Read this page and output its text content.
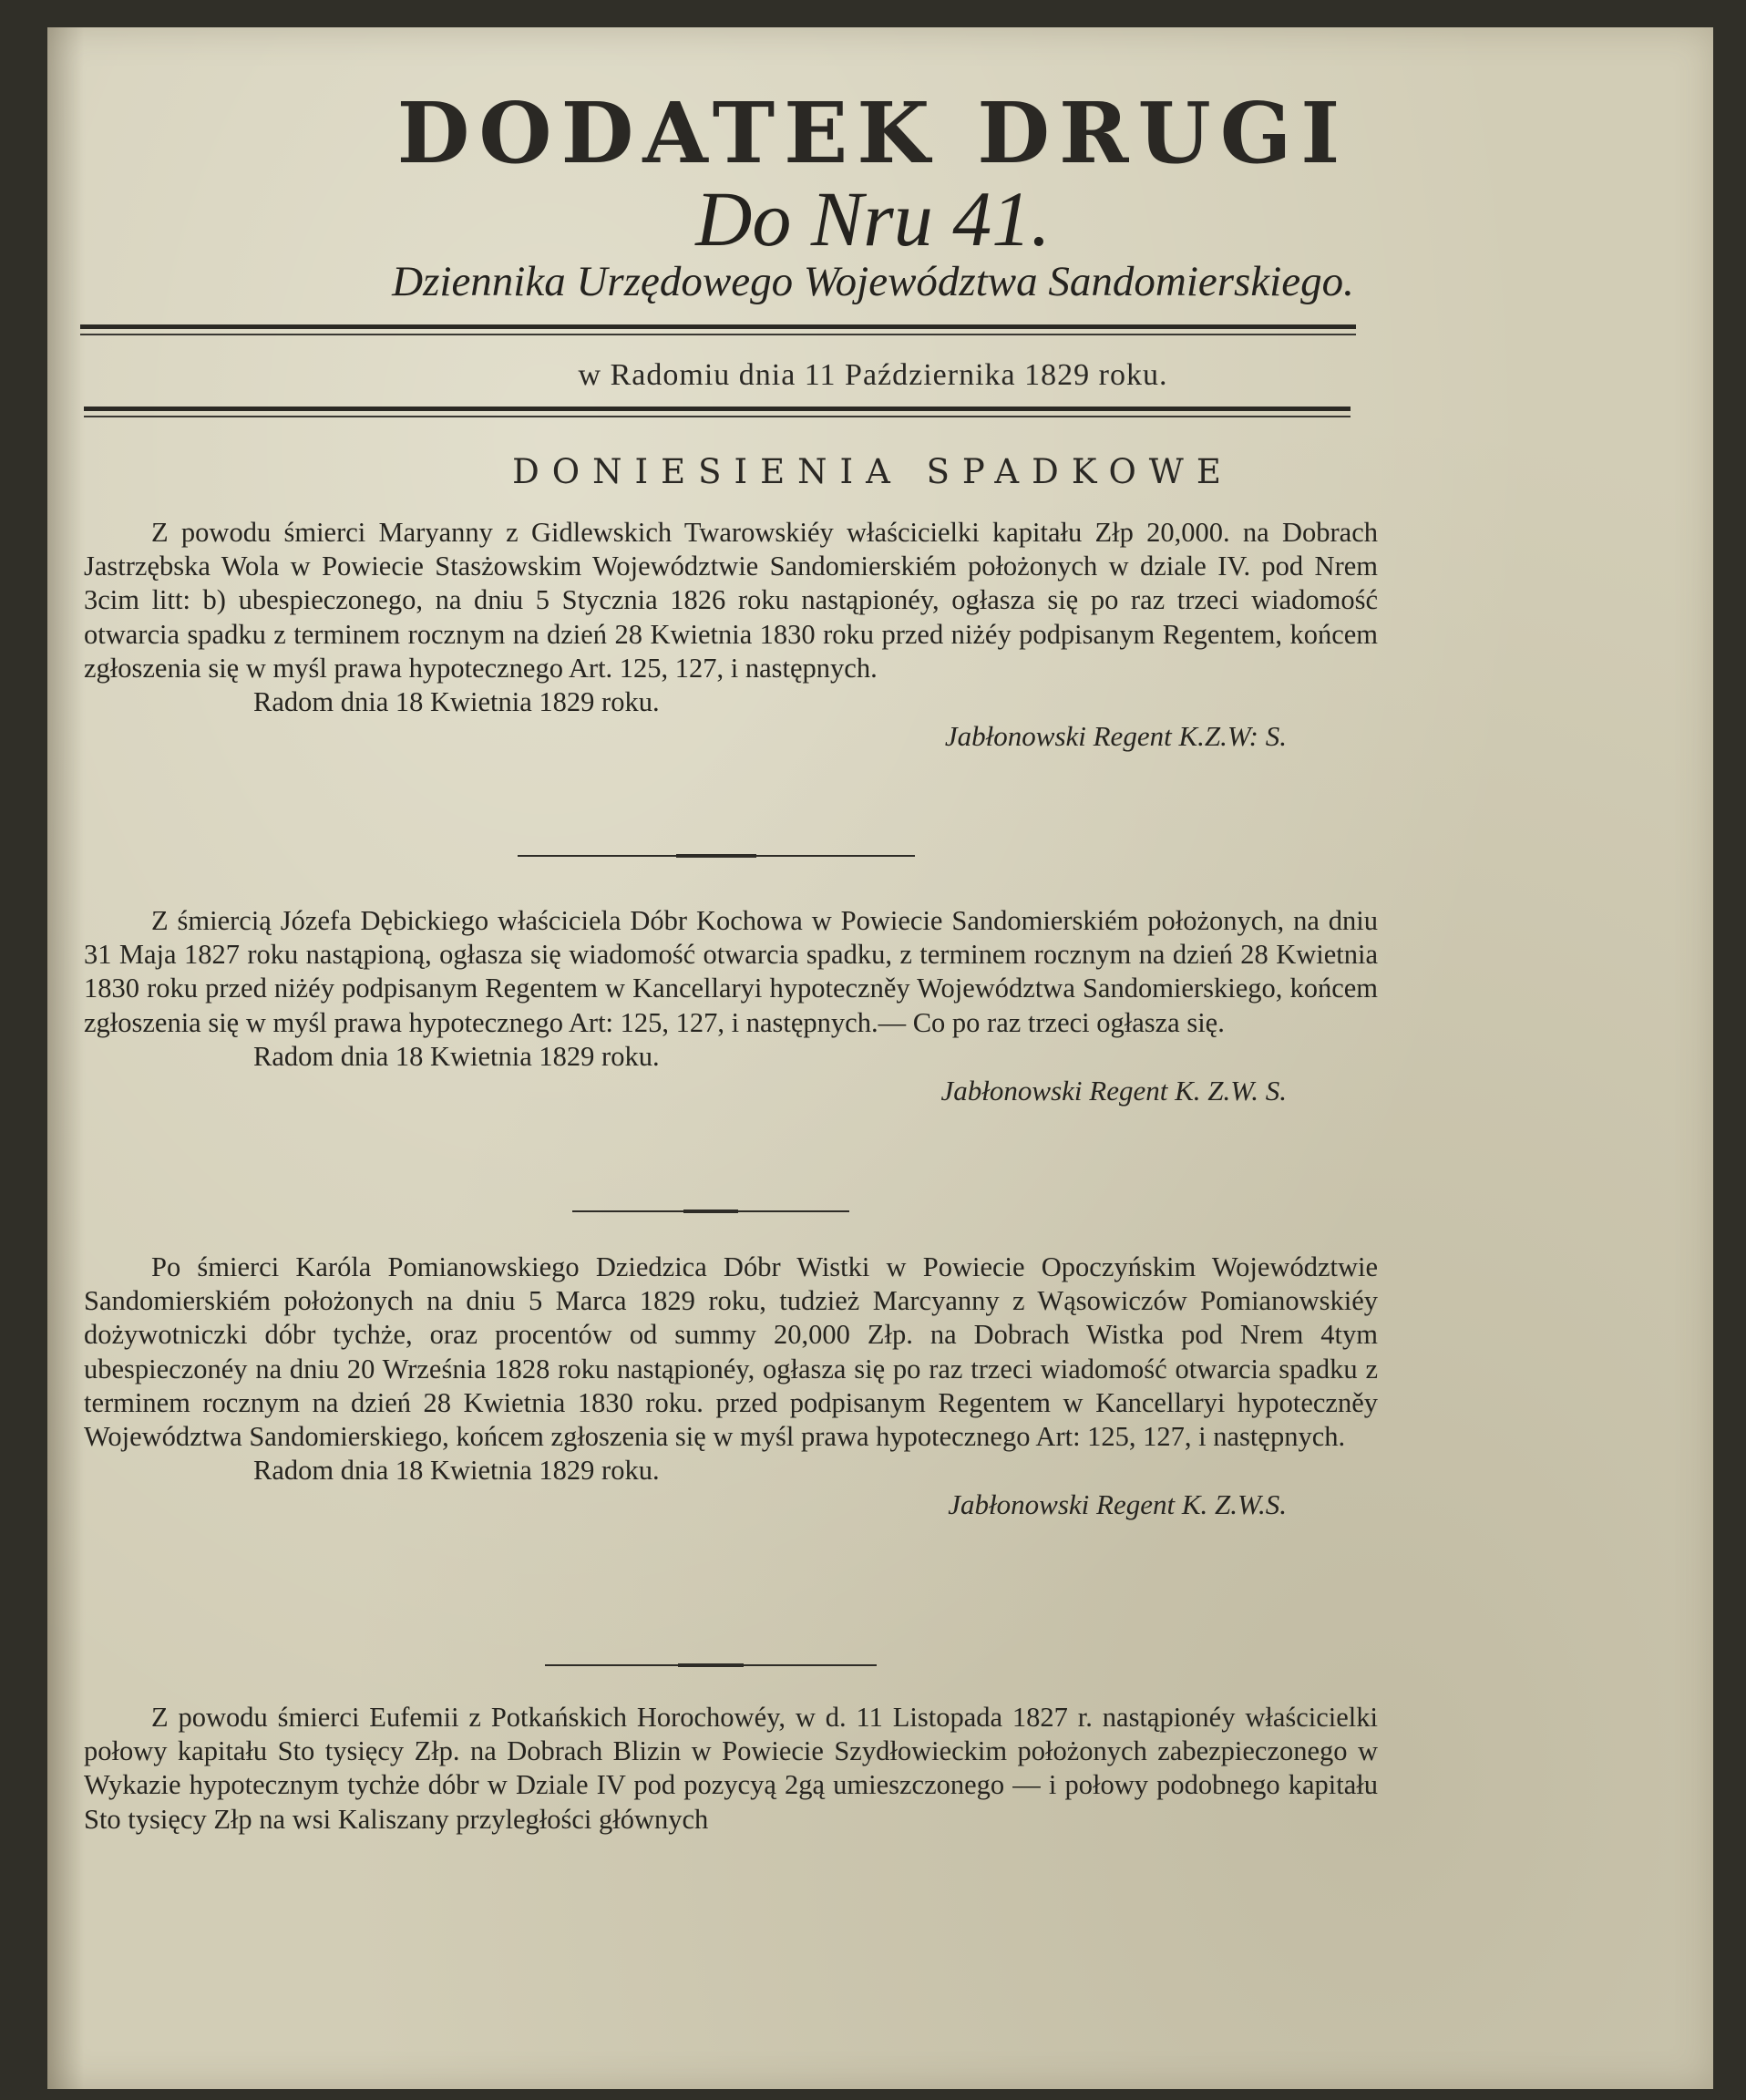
DODATEK DRUGI
Do Nru 41.
Dziennika Urzędowego Województwa Sandomierskiego.
w Radomiu dnia 11 Października 1829 roku.
DONIESIENIA SPADKOWE

Z powodu śmierci Maryanny z Gidlewskich Twarowskiéy właścicielki kapitału Złp 20,000. na Dobrach Jastrzębska Wola w Powiecie Stasżowskim Województwie Sandomierskiém położonych w dziale IV. pod Nrem 3cim litt: b) ubespieczonego, na dniu 5 Stycznia 1826 roku nastąpionéy, ogłasza się po raz trzeci wiadomość otwarcia spadku z terminem rocznym na dzień 28 Kwietnia 1830 roku przed niżéy podpisanym Regentem, końcem zgłoszenia się w myśl prawa hypotecznego Art. 125, 127, i następnych.

Radom dnia 18 Kwietnia 1829 roku.
Jabłonowski Regent K.Z.W: S.

Z śmiercią Józefa Dębickiego właściciela Dóbr Kochowa w Powiecie Sandomierskiém położonych, na dniu 31 Maja 1827 roku nastąpioną, ogłasza się wiadomość otwarcia spadku, z terminem rocznym na dzień 28 Kwietnia 1830 roku przed niżéy podpisanym Regentem w Kancellaryi hypoteczněy Województwa Sandomierskiego, końcem zgłoszenia się w myśl prawa hypotecznego Art: 125, 127, i następnych.— Co po raz trzeci ogłasza się.

Radom dnia 18 Kwietnia 1829 roku.
Jabłonowski Regent K. Z.W. S.

Po śmierci Karóla Pomianowskiego Dziedzica Dóbr Wistki w Powiecie Opoczyńskim Województwie Sandomierskiém położonych na dniu 5 Marca 1829 roku, tudzież Marcyanny z Wąsowiczów Pomianowskiéy dożywotniczki dóbr tychże, oraz procentów od summy 20,000 Złp. na Dobrach Wistka pod Nrem 4tym ubespieczonéy na dniu 20 Września 1828 roku nastąpionéy, ogłasza się po raz trzeci wiadomość otwarcia spadku z terminem rocznym na dzień 28 Kwietnia 1830 roku. przed podpisanym Regentem w Kancellaryi hypoteczněy Województwa Sandomierskiego, końcem zgłoszenia się w myśl prawa hypotecznego Art: 125, 127, i następnych.

Radom dnia 18 Kwietnia 1829 roku.
Jabłonowski Regent K. Z.W.S.

Z powodu śmierci Eufemii z Potkańskich Horochowéy, w d. 11 Listopada 1827 r. nastąpionéy właścicielki połowy kapitału Sto tysięcy Złp. na Dobrach Blizin w Powiecie Szydłowieckim położonych zabezpieczonego w Wykazie hypotecznym tychże dóbr w Dziale IV pod pozycyą 2gą umieszczonego — i połowy podobnego kapitału Sto tysięcy Złp na wsi Kaliszany przyległości głównych
